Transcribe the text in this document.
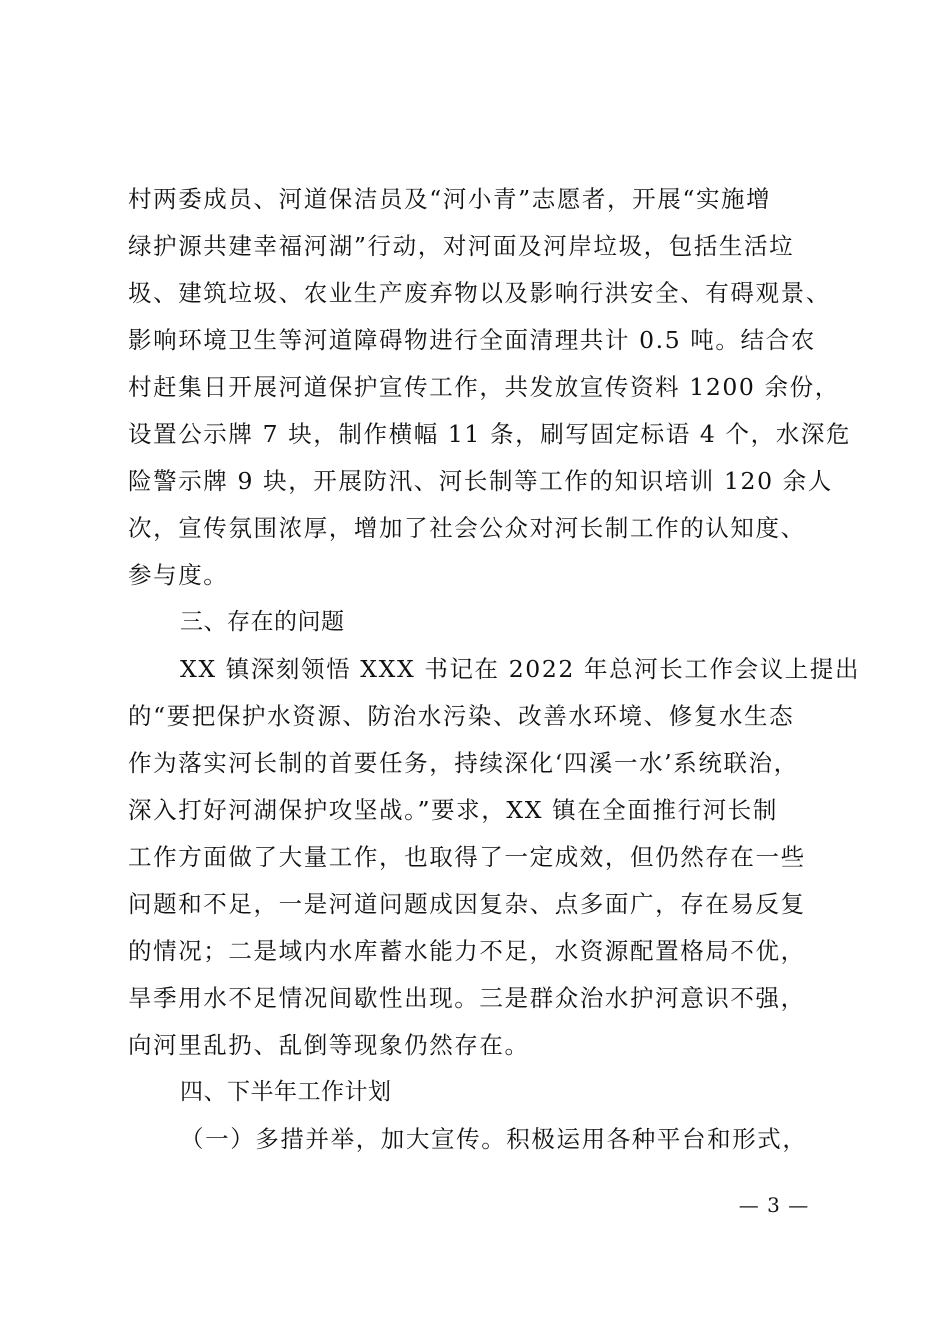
村两委成员、河道保洁员及“河小青”志愿者，开展“实施增
绿护源共建幸福河湖”行动，对河面及河岸垃圾，包括生活垃
圾、建筑垃圾、农业生产废弃物以及影响行洪安全、有碍观景、
影响环境卫生等河道障碍物进行全面清理共计 0.5 吨。结合农
村赶集日开展河道保护宣传工作，共发放宣传资料 1200 余份，
设置公示牌 7 块，制作横幅 11 条，刷写固定标语 4 个，水深危
险警示牌 9 块，开展防汛、河长制等工作的知识培训 120 余人
次，宣传氛围浓厚，增加了社会公众对河长制工作的认知度、
参与度。
三、存在的问题
XX 镇深刻领悟 XXX 书记在 2022 年总河长工作会议上提出
的“要把保护水资源、防治水污染、改善水环境、修复水生态
作为落实河长制的首要任务，持续深化‘四溪一水’系统联治，
深入打好河湖保护攻坚战。”要求，XX 镇在全面推行河长制
工作方面做了大量工作，也取得了一定成效，但仍然存在一些
问题和不足，一是河道问题成因复杂、点多面广，存在易反复
的情况；二是域内水库蓄水能力不足，水资源配置格局不优，
旱季用水不足情况间歇性出现。三是群众治水护河意识不强，
向河里乱扔、乱倒等现象仍然存在。
四、下半年工作计划
（一）多措并举，加大宣传。积极运用各种平台和形式，
— 3 —
